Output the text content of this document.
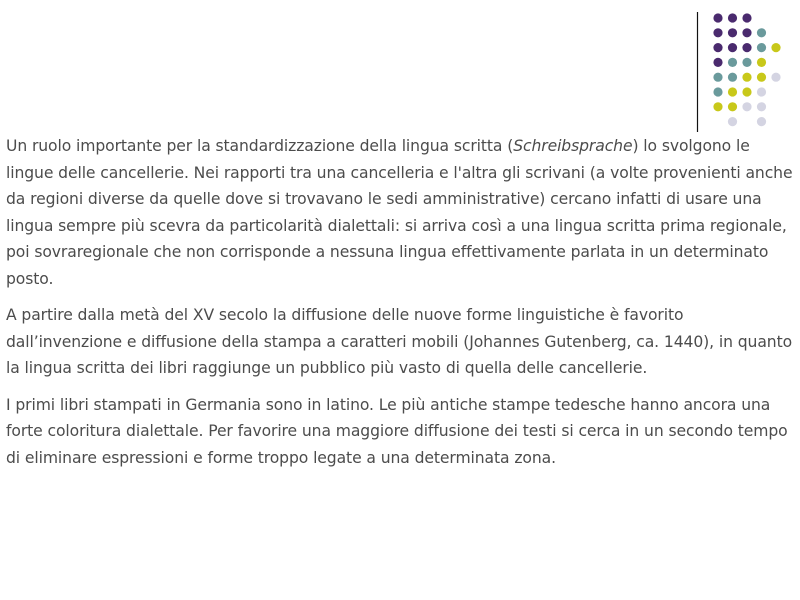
Un ruolo importante per la standardizzazione della lingua scritta (Schreibsprache) lo svolgono le lingue delle cancellerie. Nei rapporti tra una cancelleria e l'altra gli scrivani (a volte provenienti anche da regioni diverse da quelle dove si trovavano le sedi amministrative) cercano infatti di usare una lingua sempre più scevra da particolarità dialettali: si arriva così a una lingua scritta prima regionale, poi sovraregionale che non corrisponde a nessuna lingua effettivamente parlata in un determinato posto.

A partire dalla metà del XV secolo la diffusione delle nuove forme linguistiche è favorito dall’invenzione e diffusione della stampa a caratteri mobili (Johannes Gutenberg, ca. 1440), in quanto la lingua scritta dei libri raggiunge un pubblico più vasto di quella delle cancellerie.

I primi libri stampati in Germania sono in latino. Le più antiche stampe tedesche hanno ancora una forte coloritura dialettale. Per favorire una maggiore diffusione dei testi si cerca in un secondo tempo di eliminare espressioni e forme troppo legate a una determinata zona.
